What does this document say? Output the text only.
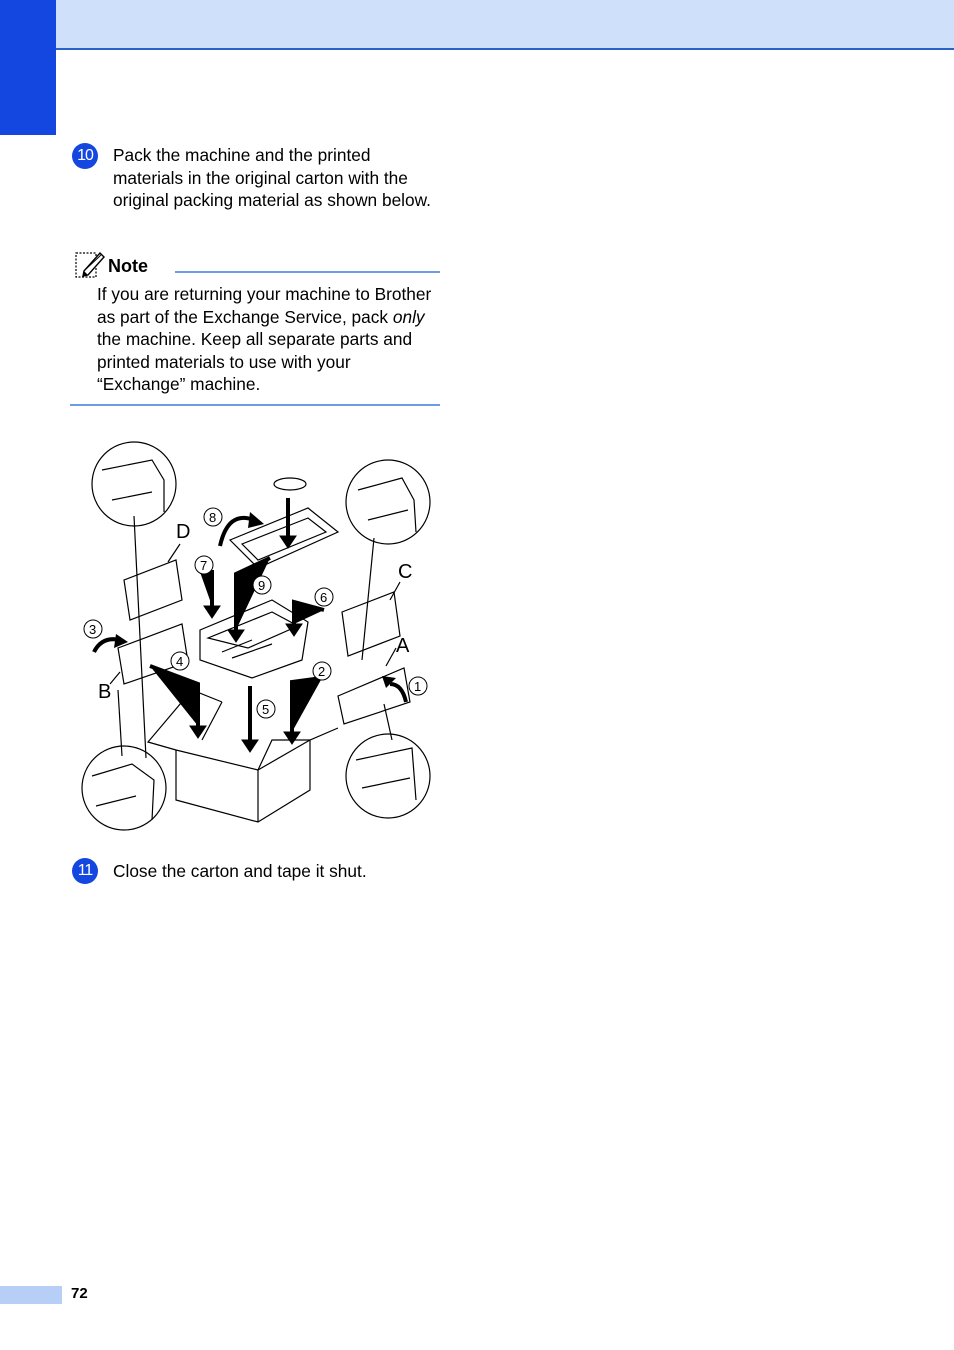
10 Pack the machine and the printed materials in the original carton with the original packing material as shown below.
Note
If you are returning your machine to Brother as part of the Exchange Service, pack only the machine. Keep all separate parts and printed materials to use with your “Exchange” machine.
A
B
C
D
1
2
3
4
5
6
7
8
9
11	Close the carton and tape it shut.
72
